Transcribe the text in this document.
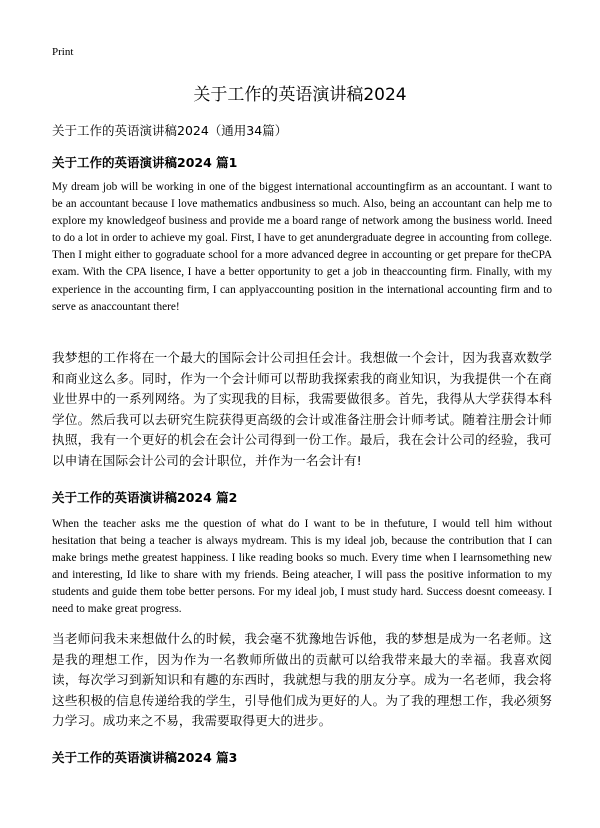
Print
关于工作的英语演讲稿2024
关于工作的英语演讲稿2024（通用34篇）
关于工作的英语演讲稿2024 篇1
My dream job will be working in one of the biggest international accountingfirm as an accountant. I want to be an accountant because I love mathematics andbusiness so much. Also, being an accountant can help me to explore my knowledgeof business and provide me a board range of network among the business world. Ineed to do a lot in order to achieve my goal. First, I have to get anundergraduate degree in accounting from college. Then I might either to gograduate school for a more advanced degree in accounting or get prepare for theCPA exam. With the CPA lisence, I have a better opportunity to get a job in theaccounting firm. Finally, with my experience in the accounting firm, I can applyaccounting position in the international accounting firm and to serve as anaccountant there!
我梦想的工作将在一个最大的国际会计公司担任会计。我想做一个会计，因为我喜欢数学和商业这么多。同时，作为一个会计师可以帮助我探索我的商业知识，为我提供一个在商业世界中的一系列网络。为了实现我的目标，我需要做很多。首先，我得从大学获得本科学位。然后我可以去研究生院获得更高级的会计或准备注册会计师考试。随着注册会计师执照，我有一个更好的机会在会计公司得到一份工作。最后，我在会计公司的经验，我可以申请在国际会计公司的会计职位，并作为一名会计有!
关于工作的英语演讲稿2024 篇2
When the teacher asks me the question of what do I want to be in thefuture, I would tell him without hesitation that being a teacher is always mydream. This is my ideal job, because the contribution that I can make brings methe greatest happiness. I like reading books so much. Every time when I learnsomething new and interesting, Id like to share with my friends. Being ateacher, I will pass the positive information to my students and guide them tobe better persons. For my ideal job, I must study hard. Success doesnt comeeasy. I need to make great progress.
当老师问我未来想做什么的时候，我会毫不犹豫地告诉他，我的梦想是成为一名老师。这是我的理想工作，因为作为一名教师所做出的贡献可以给我带来最大的幸福。我喜欢阅读，每次学习到新知识和有趣的东西时，我就想与我的朋友分享。成为一名老师，我会将这些积极的信息传递给我的学生，引导他们成为更好的人。为了我的理想工作，我必须努力学习。成功来之不易，我需要取得更大的进步。
关于工作的英语演讲稿2024 篇3
